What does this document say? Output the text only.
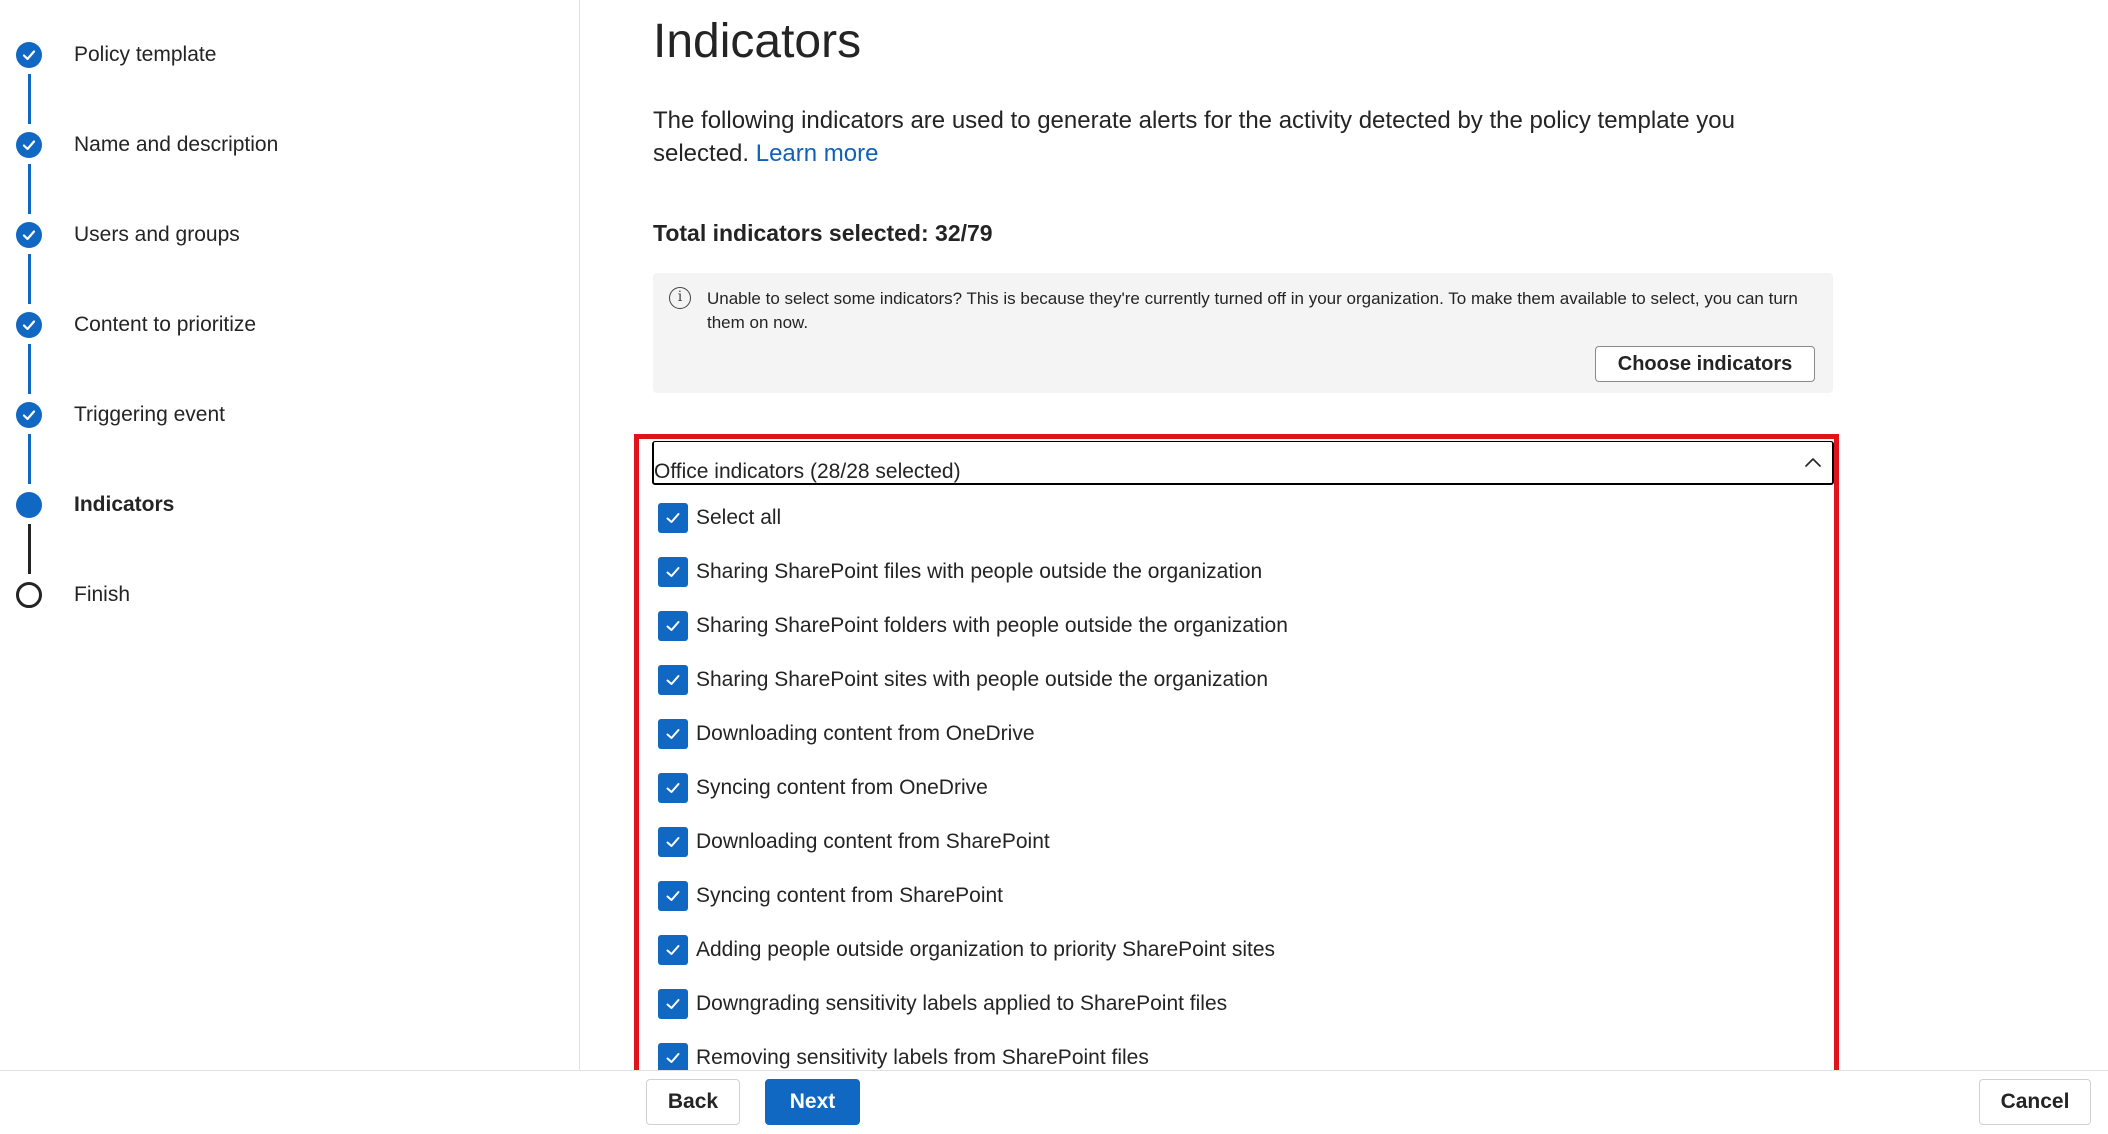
Policy template
Name and description
Users and groups
Content to prioritize
Triggering event
Indicators
Finish
Indicators

The following indicators are used to generate alerts for the activity detected by the policy template you selected. Learn more

Total indicators selected: 32/79
i	Unable to select some indicators? This is because they're currently turned off in your organization. To make them available to select, you can turn them on now.
Choose indicators
Office indicators (28/28 selected)
Select all
Sharing SharePoint files with people outside the organization
Sharing SharePoint folders with people outside the organization
Sharing SharePoint sites with people outside the organization
Downloading content from OneDrive
Syncing content from OneDrive
Downloading content from SharePoint
Syncing content from SharePoint
Adding people outside organization to priority SharePoint sites
Downgrading sensitivity labels applied to SharePoint files
Removing sensitivity labels from SharePoint files
Back	Next	Cancel
